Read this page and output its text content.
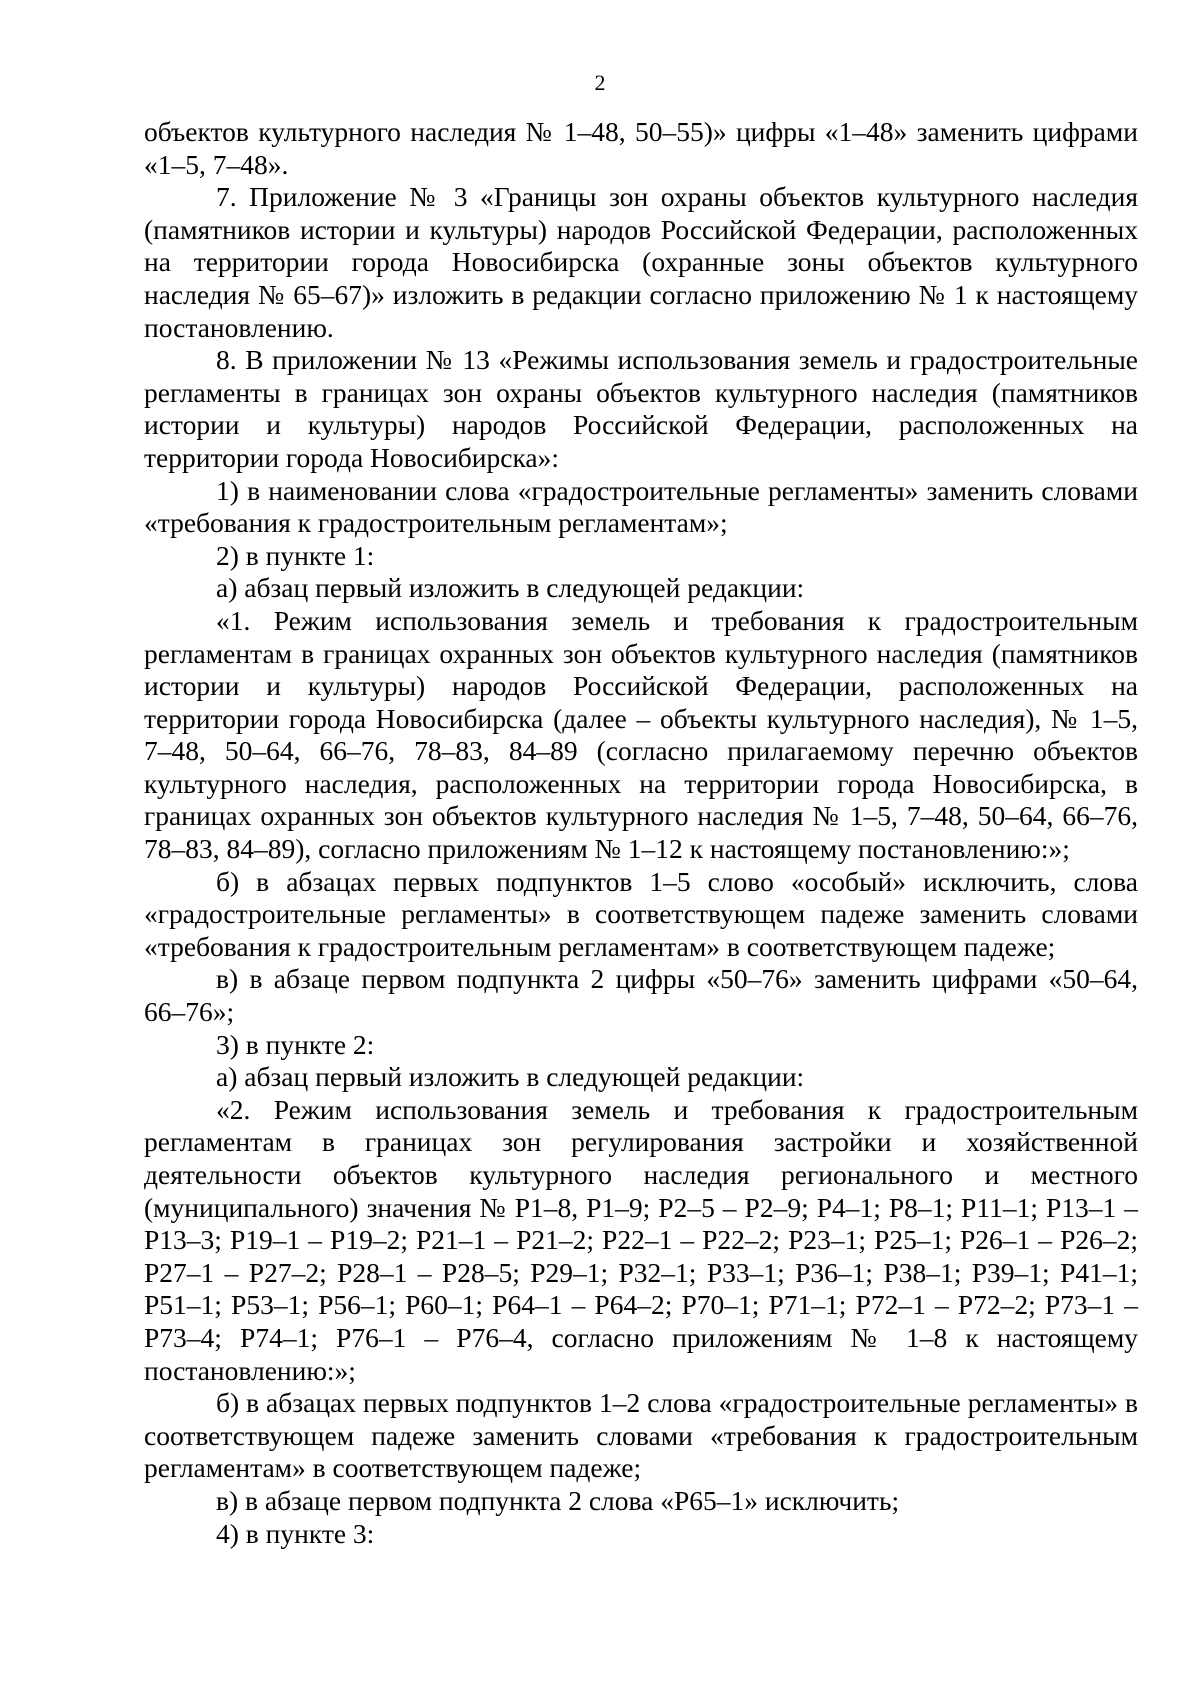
2

объектов культурного наследия № 1–48, 50–55)» цифры «1–48» заменить цифрами «1–5, 7–48».

7. Приложение № 3 «Границы зон охраны объектов культурного наследия (памятников истории и культуры) народов Российской Федерации, расположенных на территории города Новосибирска (охранные зоны объектов культурного наследия № 65–67)» изложить в редакции согласно приложению № 1 к настоящему постановлению.

8. В приложении № 13 «Режимы использования земель и градостроительные регламенты в границах зон охраны объектов культурного наследия (памятников истории и культуры) народов Российской Федерации, расположенных на территории города Новосибирска»:

1) в наименовании слова «градостроительные регламенты» заменить словами «требования к градостроительным регламентам»;

2) в пункте 1:

а) абзац первый изложить в следующей редакции:

«1. Режим использования земель и требования к градостроительным регламентам в границах охранных зон объектов культурного наследия (памятников истории и культуры) народов Российской Федерации, расположенных на территории города Новосибирска (далее – объекты культурного наследия), № 1–5, 7–48, 50–64, 66–76, 78–83, 84–89 (согласно прилагаемому перечню объектов культурного наследия, расположенных на территории города Новосибирска, в границах охранных зон объектов культурного наследия № 1–5, 7–48, 50–64, 66–76, 78–83, 84–89), согласно приложениям № 1–12 к настоящему постановлению:»;

б) в абзацах первых подпунктов 1–5 слово «особый» исключить, слова «градостроительные регламенты» в соответствующем падеже заменить словами «требования к градостроительным регламентам» в соответствующем падеже;

в) в абзаце первом подпункта 2 цифры «50–76» заменить цифрами «50–64, 66–76»;

3) в пункте 2:

а) абзац первый изложить в следующей редакции:

«2. Режим использования земель и требования к градостроительным регламентам в границах зон регулирования застройки и хозяйственной деятельности объектов культурного наследия регионального и местного (муниципального) значения № Р1–8, Р1–9; Р2–5 – Р2–9; Р4–1; Р8–1; Р11–1; Р13–1 – Р13–3; Р19–1 – Р19–2; Р21–1 – Р21–2; Р22–1 – Р22–2; Р23–1; Р25–1; Р26–1 – Р26–2; Р27–1 – Р27–2; Р28–1 – Р28–5; Р29–1; Р32–1; Р33–1; Р36–1; Р38–1; Р39–1; Р41–1; Р51–1; Р53–1; Р56–1; Р60–1; Р64–1 – Р64–2; Р70–1; Р71–1; Р72–1 – Р72–2; Р73–1 – Р73–4; Р74–1; Р76–1 – Р76–4, согласно приложениям № 1–8 к настоящему постановлению:»;

б) в абзацах первых подпунктов 1–2 слова «градостроительные регламенты» в соответствующем падеже заменить словами «требования к градостроительным регламентам» в соответствующем падеже;

в) в абзаце первом подпункта 2 слова «Р65–1» исключить;

4) в пункте 3:
